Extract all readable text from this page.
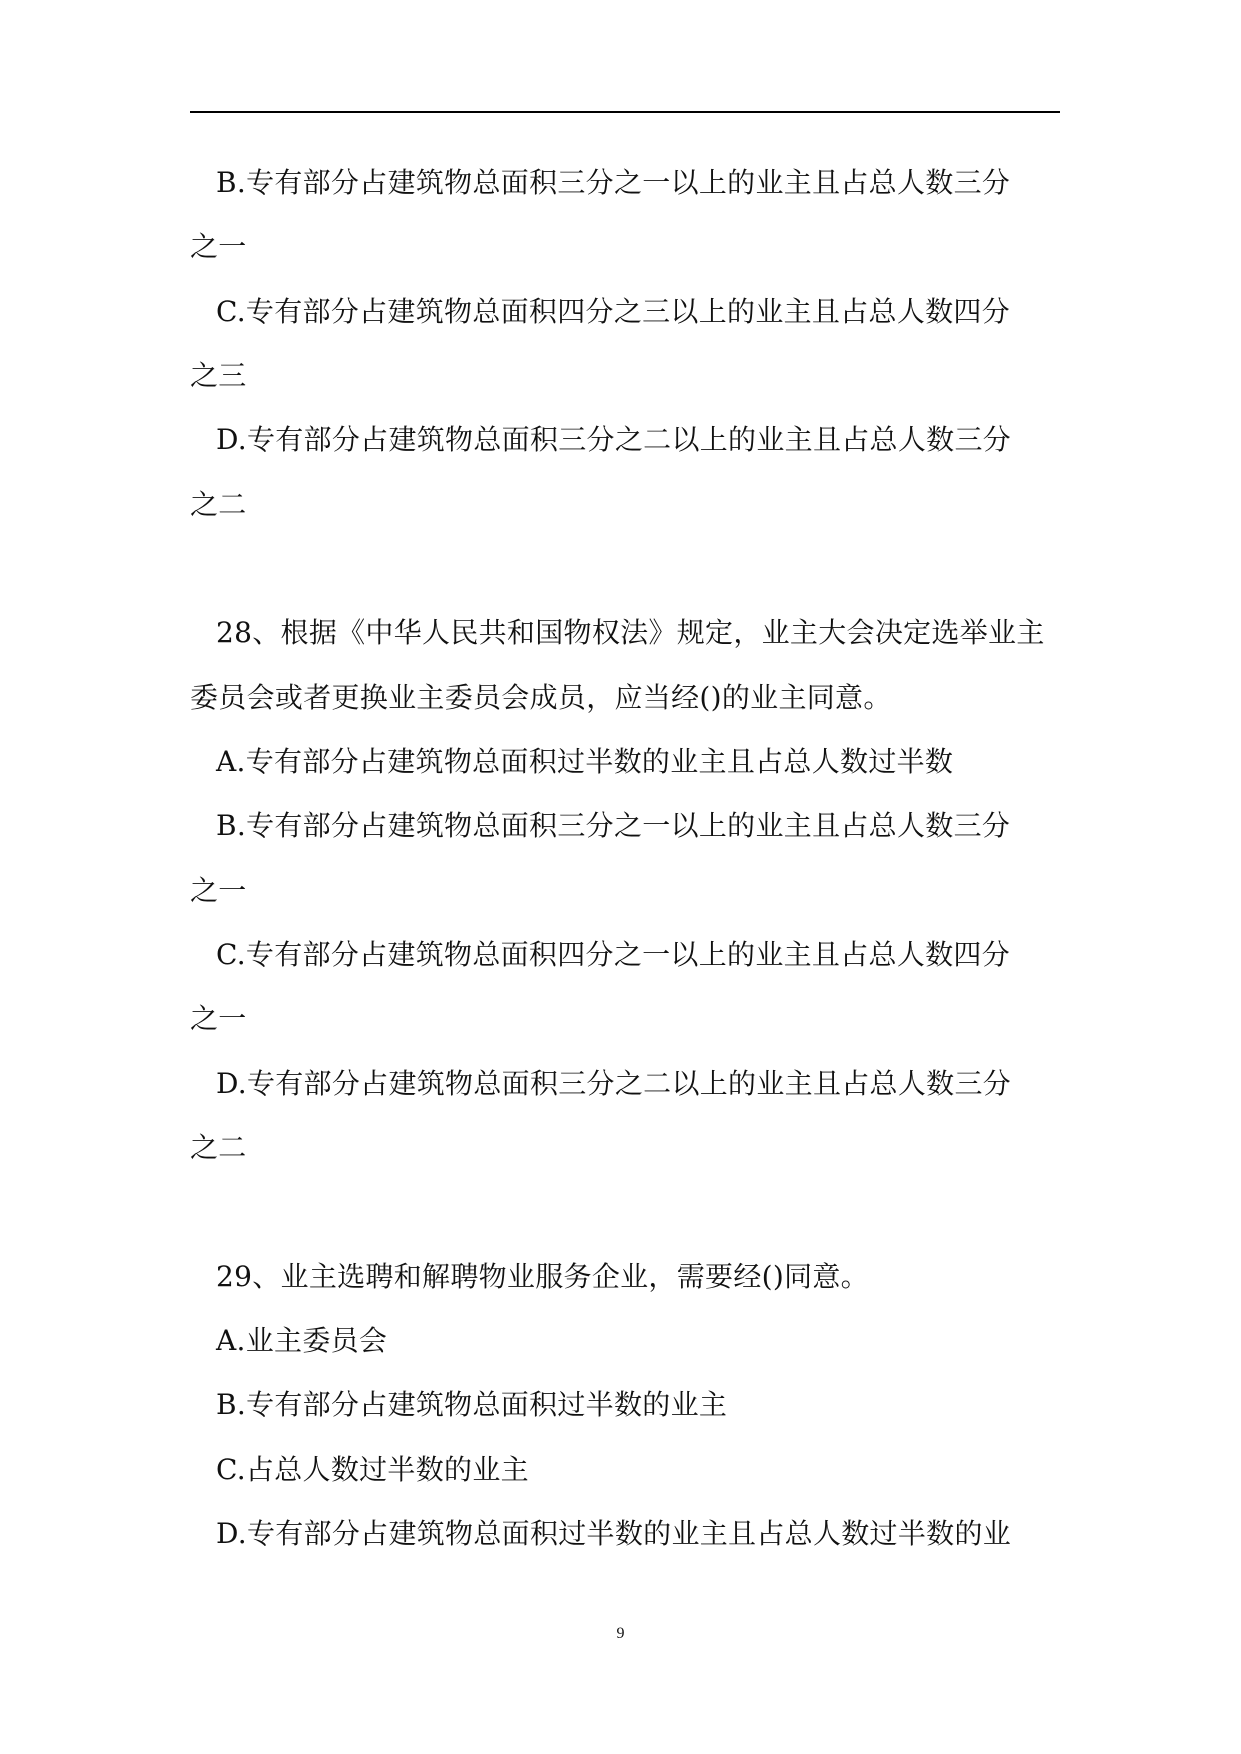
B.专有部分占建筑物总面积三分之一以上的业主且占总人数三分
之一
C.专有部分占建筑物总面积四分之三以上的业主且占总人数四分
之三
D.专有部分占建筑物总面积三分之二以上的业主且占总人数三分
之二
28、根据《中华人民共和国物权法》规定，业主大会决定选举业主
委员会或者更换业主委员会成员，应当经()的业主同意。
A.专有部分占建筑物总面积过半数的业主且占总人数过半数
B.专有部分占建筑物总面积三分之一以上的业主且占总人数三分
之一
C.专有部分占建筑物总面积四分之一以上的业主且占总人数四分
之一
D.专有部分占建筑物总面积三分之二以上的业主且占总人数三分
之二
29、业主选聘和解聘物业服务企业，需要经()同意。
A.业主委员会
B.专有部分占建筑物总面积过半数的业主
C.占总人数过半数的业主
D.专有部分占建筑物总面积过半数的业主且占总人数过半数的业
9
